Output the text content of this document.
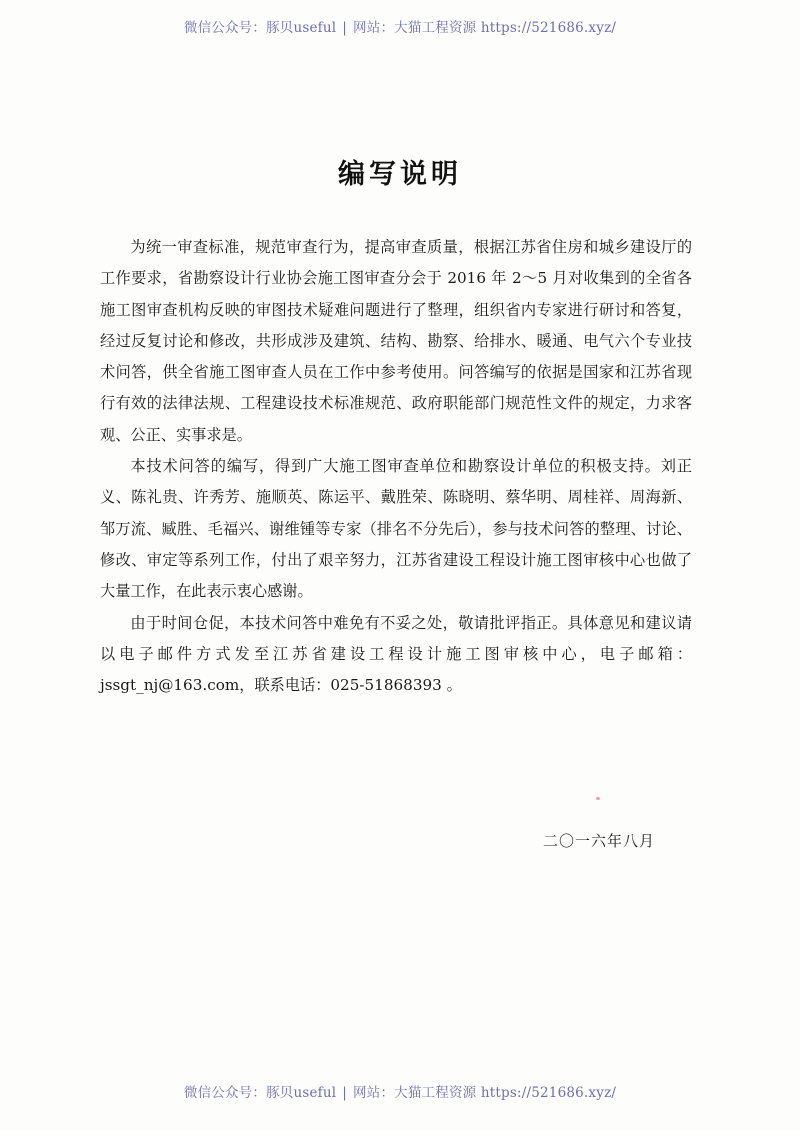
微信公众号：豚贝useful | 网站：大猫工程资源 https://521686.xyz/
编写说明

为统一审查标准，规范审查行为，提高审查质量，根据江苏省住房和城乡建设厅的工作要求，省勘察设计行业协会施工图审查分会于 2016 年 2～5 月对收集到的全省各施工图审查机构反映的审图技术疑难问题进行了整理，组织省内专家进行研讨和答复，经过反复讨论和修改，共形成涉及建筑、结构、勘察、给排水、暖通、电气六个专业技术问答，供全省施工图审查人员在工作中参考使用。问答编写的依据是国家和江苏省现行有效的法律法规、工程建设技术标准规范、政府职能部门规范性文件的规定，力求客观、公正、实事求是。

本技术问答的编写，得到广大施工图审查单位和勘察设计单位的积极支持。刘正义、陈礼贵、许秀芳、施顺英、陈运平、戴胜荣、陈晓明、蔡华明、周桂祥、周海新、邹万流、臧胜、毛福兴、谢维锺等专家（排名不分先后），参与技术问答的整理、讨论、修改、审定等系列工作，付出了艰辛努力，江苏省建设工程设计施工图审核中心也做了大量工作，在此表示衷心感谢。

由于时间仓促，本技术问答中难免有不妥之处，敬请批评指正。具体意见和建议请以电子邮件方式发至江苏省建设工程设计施工图审核中心，电子邮箱：jssgt_nj@163.com，联系电话：025-51868393 。

二〇一六年八月
微信公众号：豚贝useful | 网站：大猫工程资源 https://521686.xyz/
